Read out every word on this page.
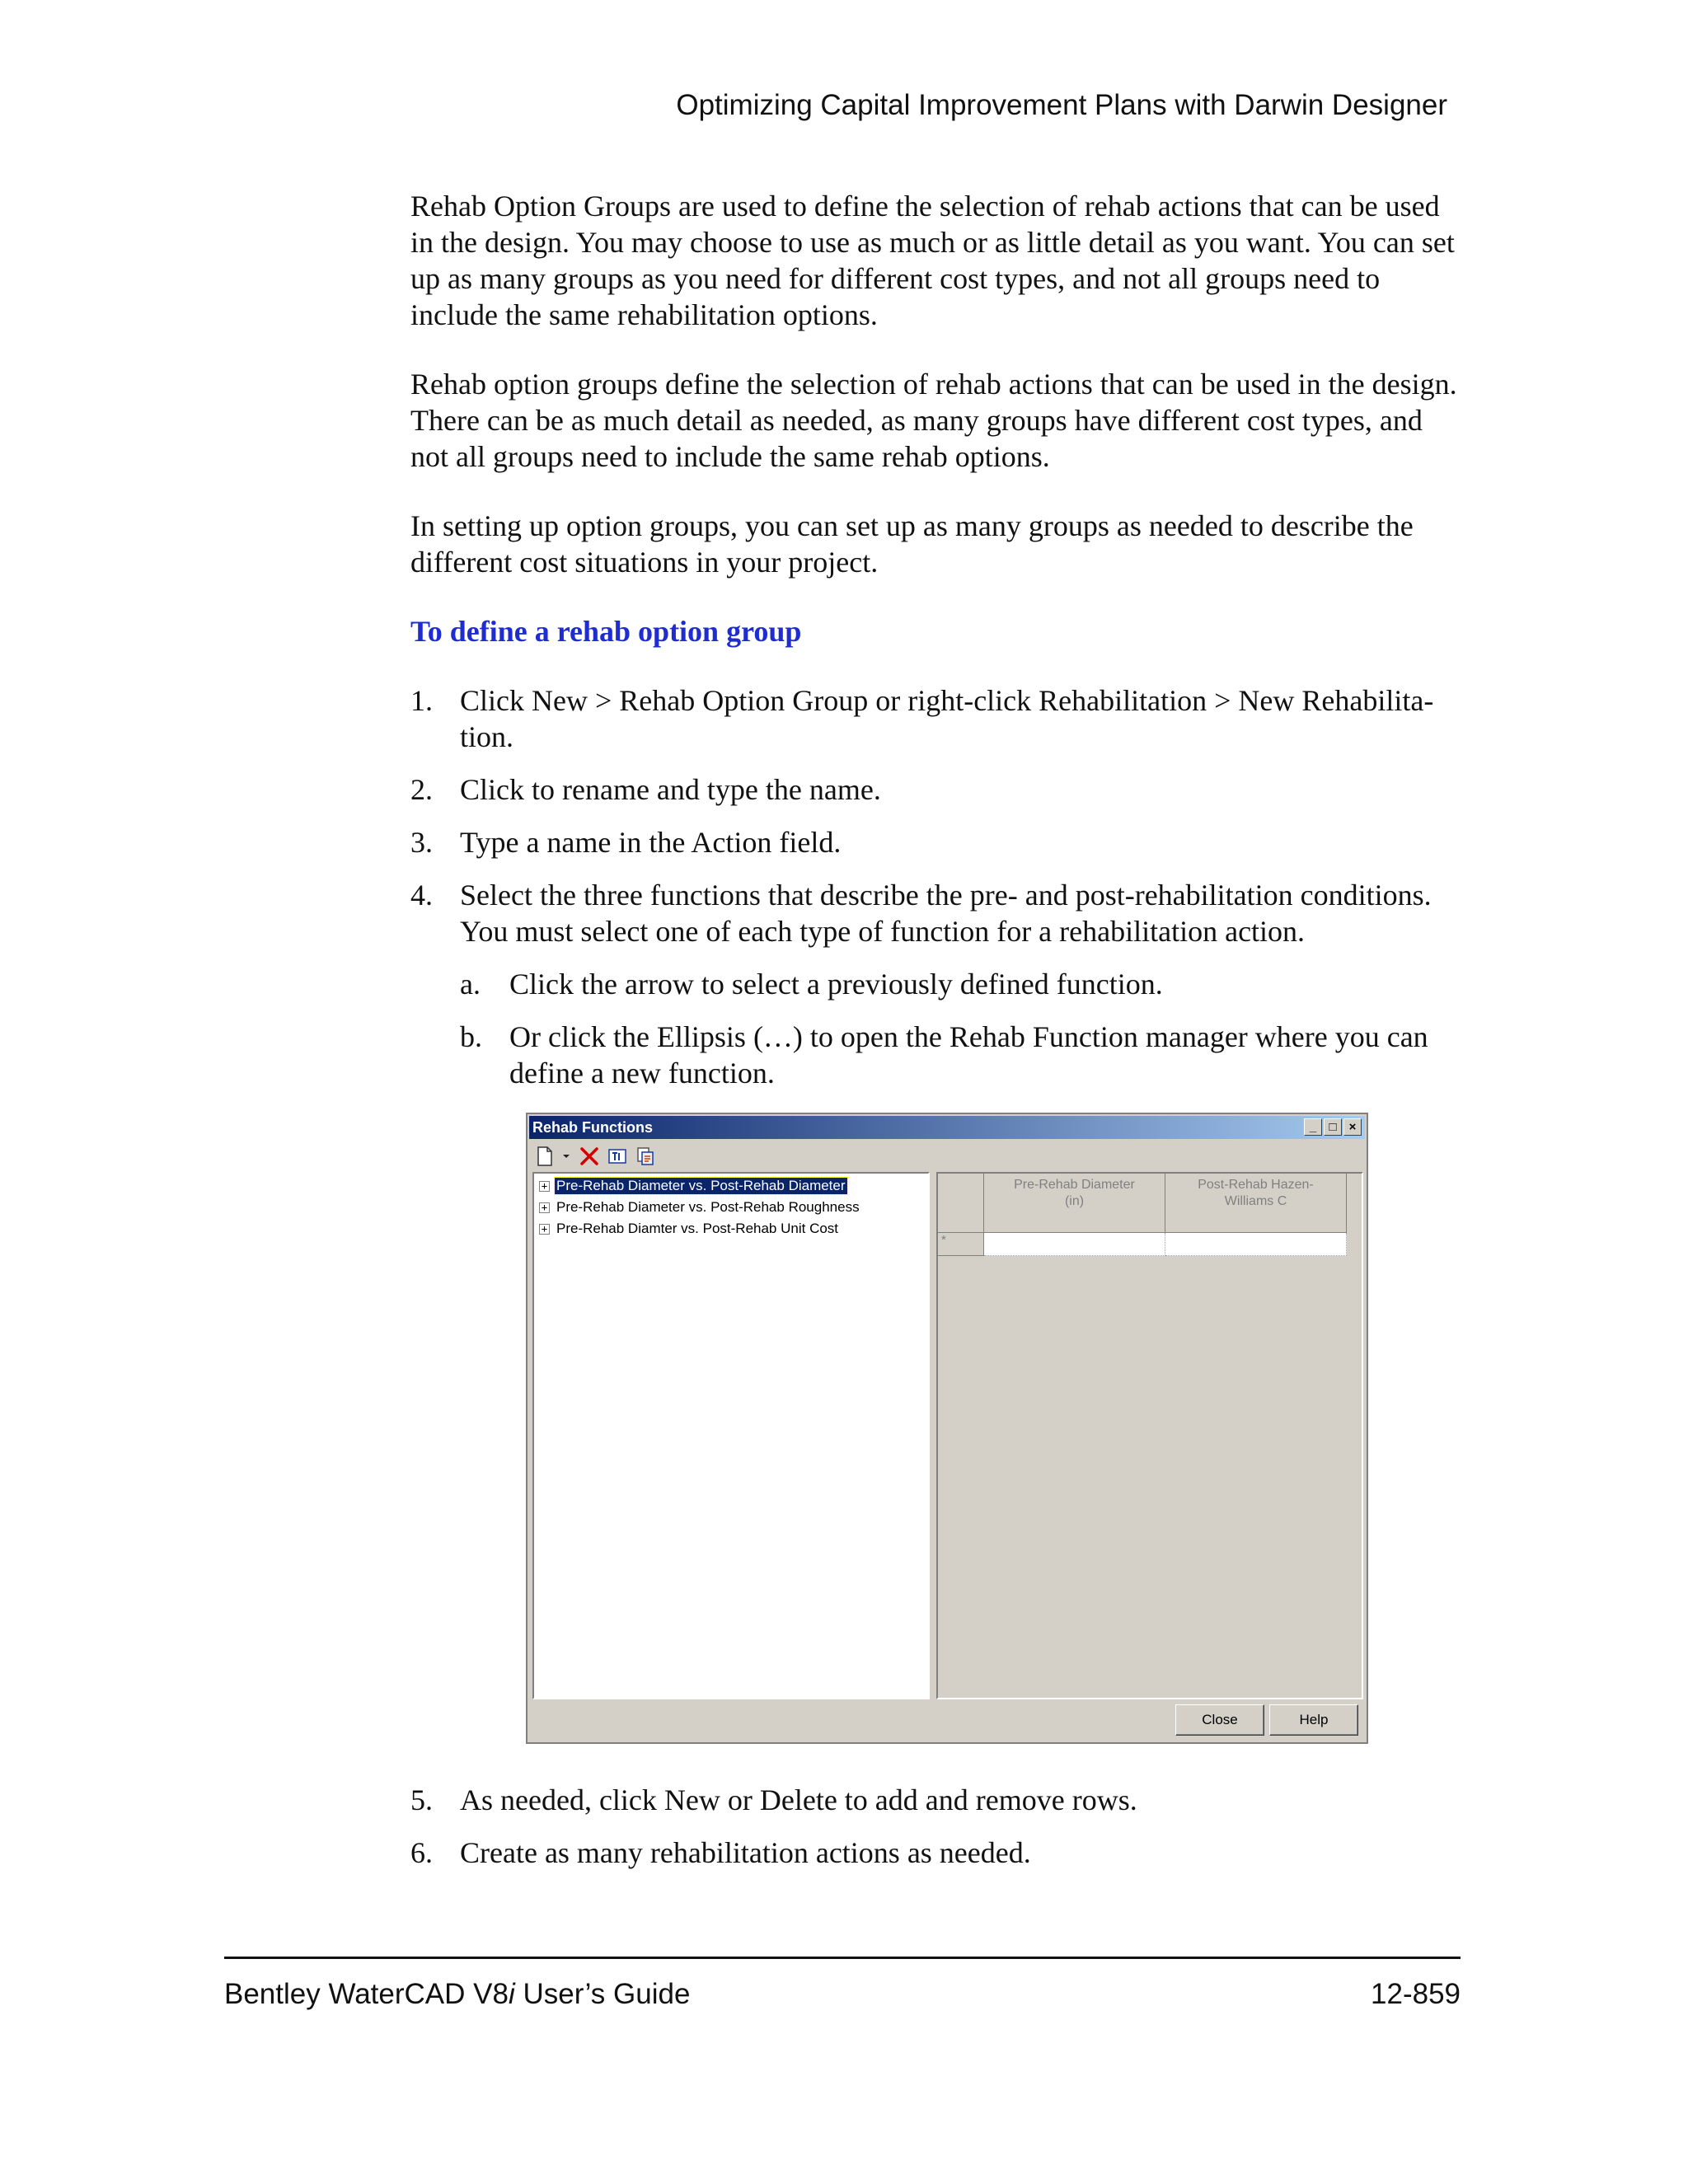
Optimizing Capital Improvement Plans with Darwin Designer

Rehab Option Groups are used to define the selection of rehab actions that can be used in the design. You may choose to use as much or as little detail as you want. You can set up as many groups as you need for different cost types, and not all groups need to include the same rehabilitation options.

Rehab option groups define the selection of rehab actions that can be used in the design. There can be as much detail as needed, as many groups have different cost types, and not all groups need to include the same rehab options.

In setting up option groups, you can set up as many groups as needed to describe the different cost situations in your project.

To define a rehab option group

1. Click New > Rehab Option Group or right-click Rehabilitation > New Rehabilita-tion.
2. Click to rename and type the name.
3. Type a name in the Action field.
4. Select the three functions that describe the pre- and post-rehabilitation conditions. You must select one of each type of function for a rehabilitation action.
a. Click the arrow to select a previously defined function.
b. Or click the Ellipsis (…) to open the Rehab Function manager where you can define a new function.
Rehab Functions	_	□	×
+ Pre-Rehab Diameter vs. Post-Rehab Diameter
+ Pre-Rehab Diameter vs. Post-Rehab Roughness
+ Pre-Rehab Diamter vs. Post-Rehab Unit Cost
Pre-Rehab Diameter
(in)
Post-Rehab Hazen-
Williams C
*
Close	Help
5. As needed, click New or Delete to add and remove rows.
6. Create as many rehabilitation actions as needed.
Bentley WaterCAD V8i User’s Guide	12-859
